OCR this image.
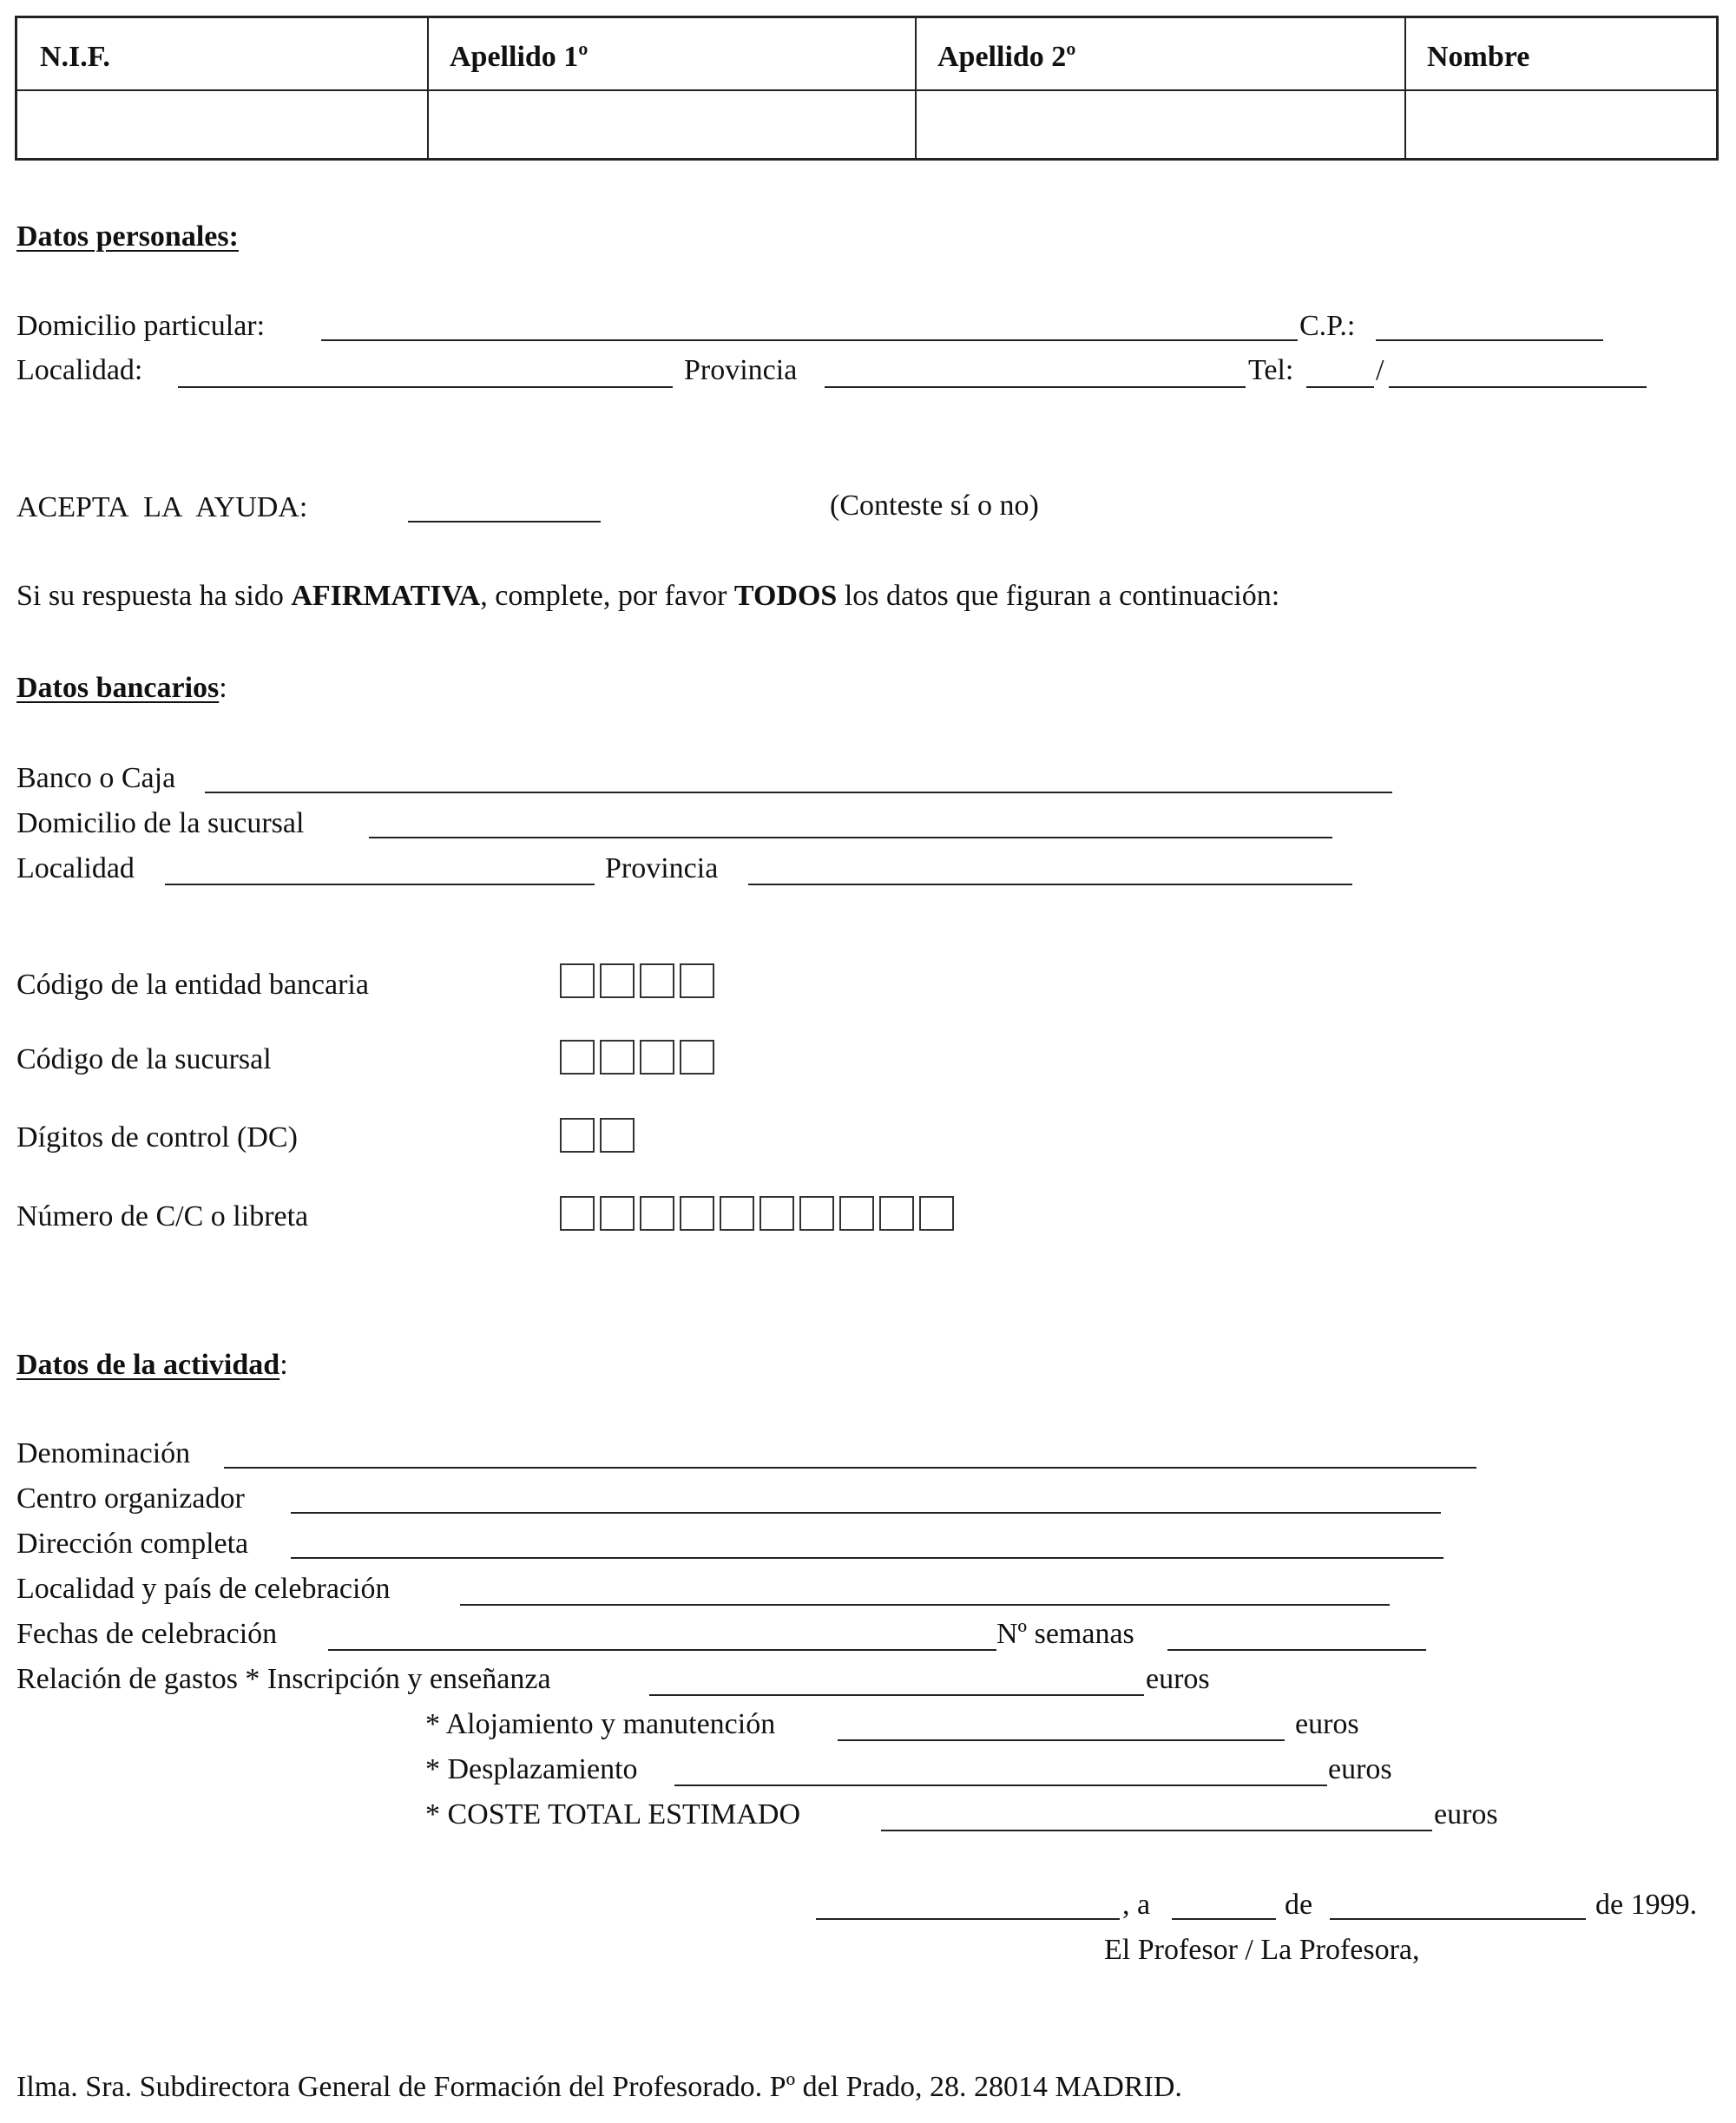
N.I.F.	Apellido 1º	Apellido 2º	Nombre
Datos personales:
Domicilio particular:	C.P.:
Localidad:	Provincia	Tel:	/
ACEPTA LA AYUDA:	(Conteste sí o no)
Si su respuesta ha sido AFIRMATIVA, complete, por favor TODOS los datos que figuran a continuación:
Datos bancarios:
Banco o Caja
Domicilio de la sucursal
Localidad	Provincia
Código de la entidad bancaria
Código de la sucursal
Dígitos de control (DC)
Número de C/C o libreta
Datos de la actividad:
Denominación
Centro organizador
Dirección completa
Localidad y país de celebración
Fechas de celebración	Nº semanas
Relación de gastos * Inscripción y enseñanza	euros
* Alojamiento y manutención	euros
* Desplazamiento	euros
* COSTE TOTAL ESTIMADO	euros
, a	de	de 1999.
El Profesor / La Profesora,
Ilma. Sra. Subdirectora General de Formación del Profesorado. Pº del Prado, 28. 28014 MADRID.
